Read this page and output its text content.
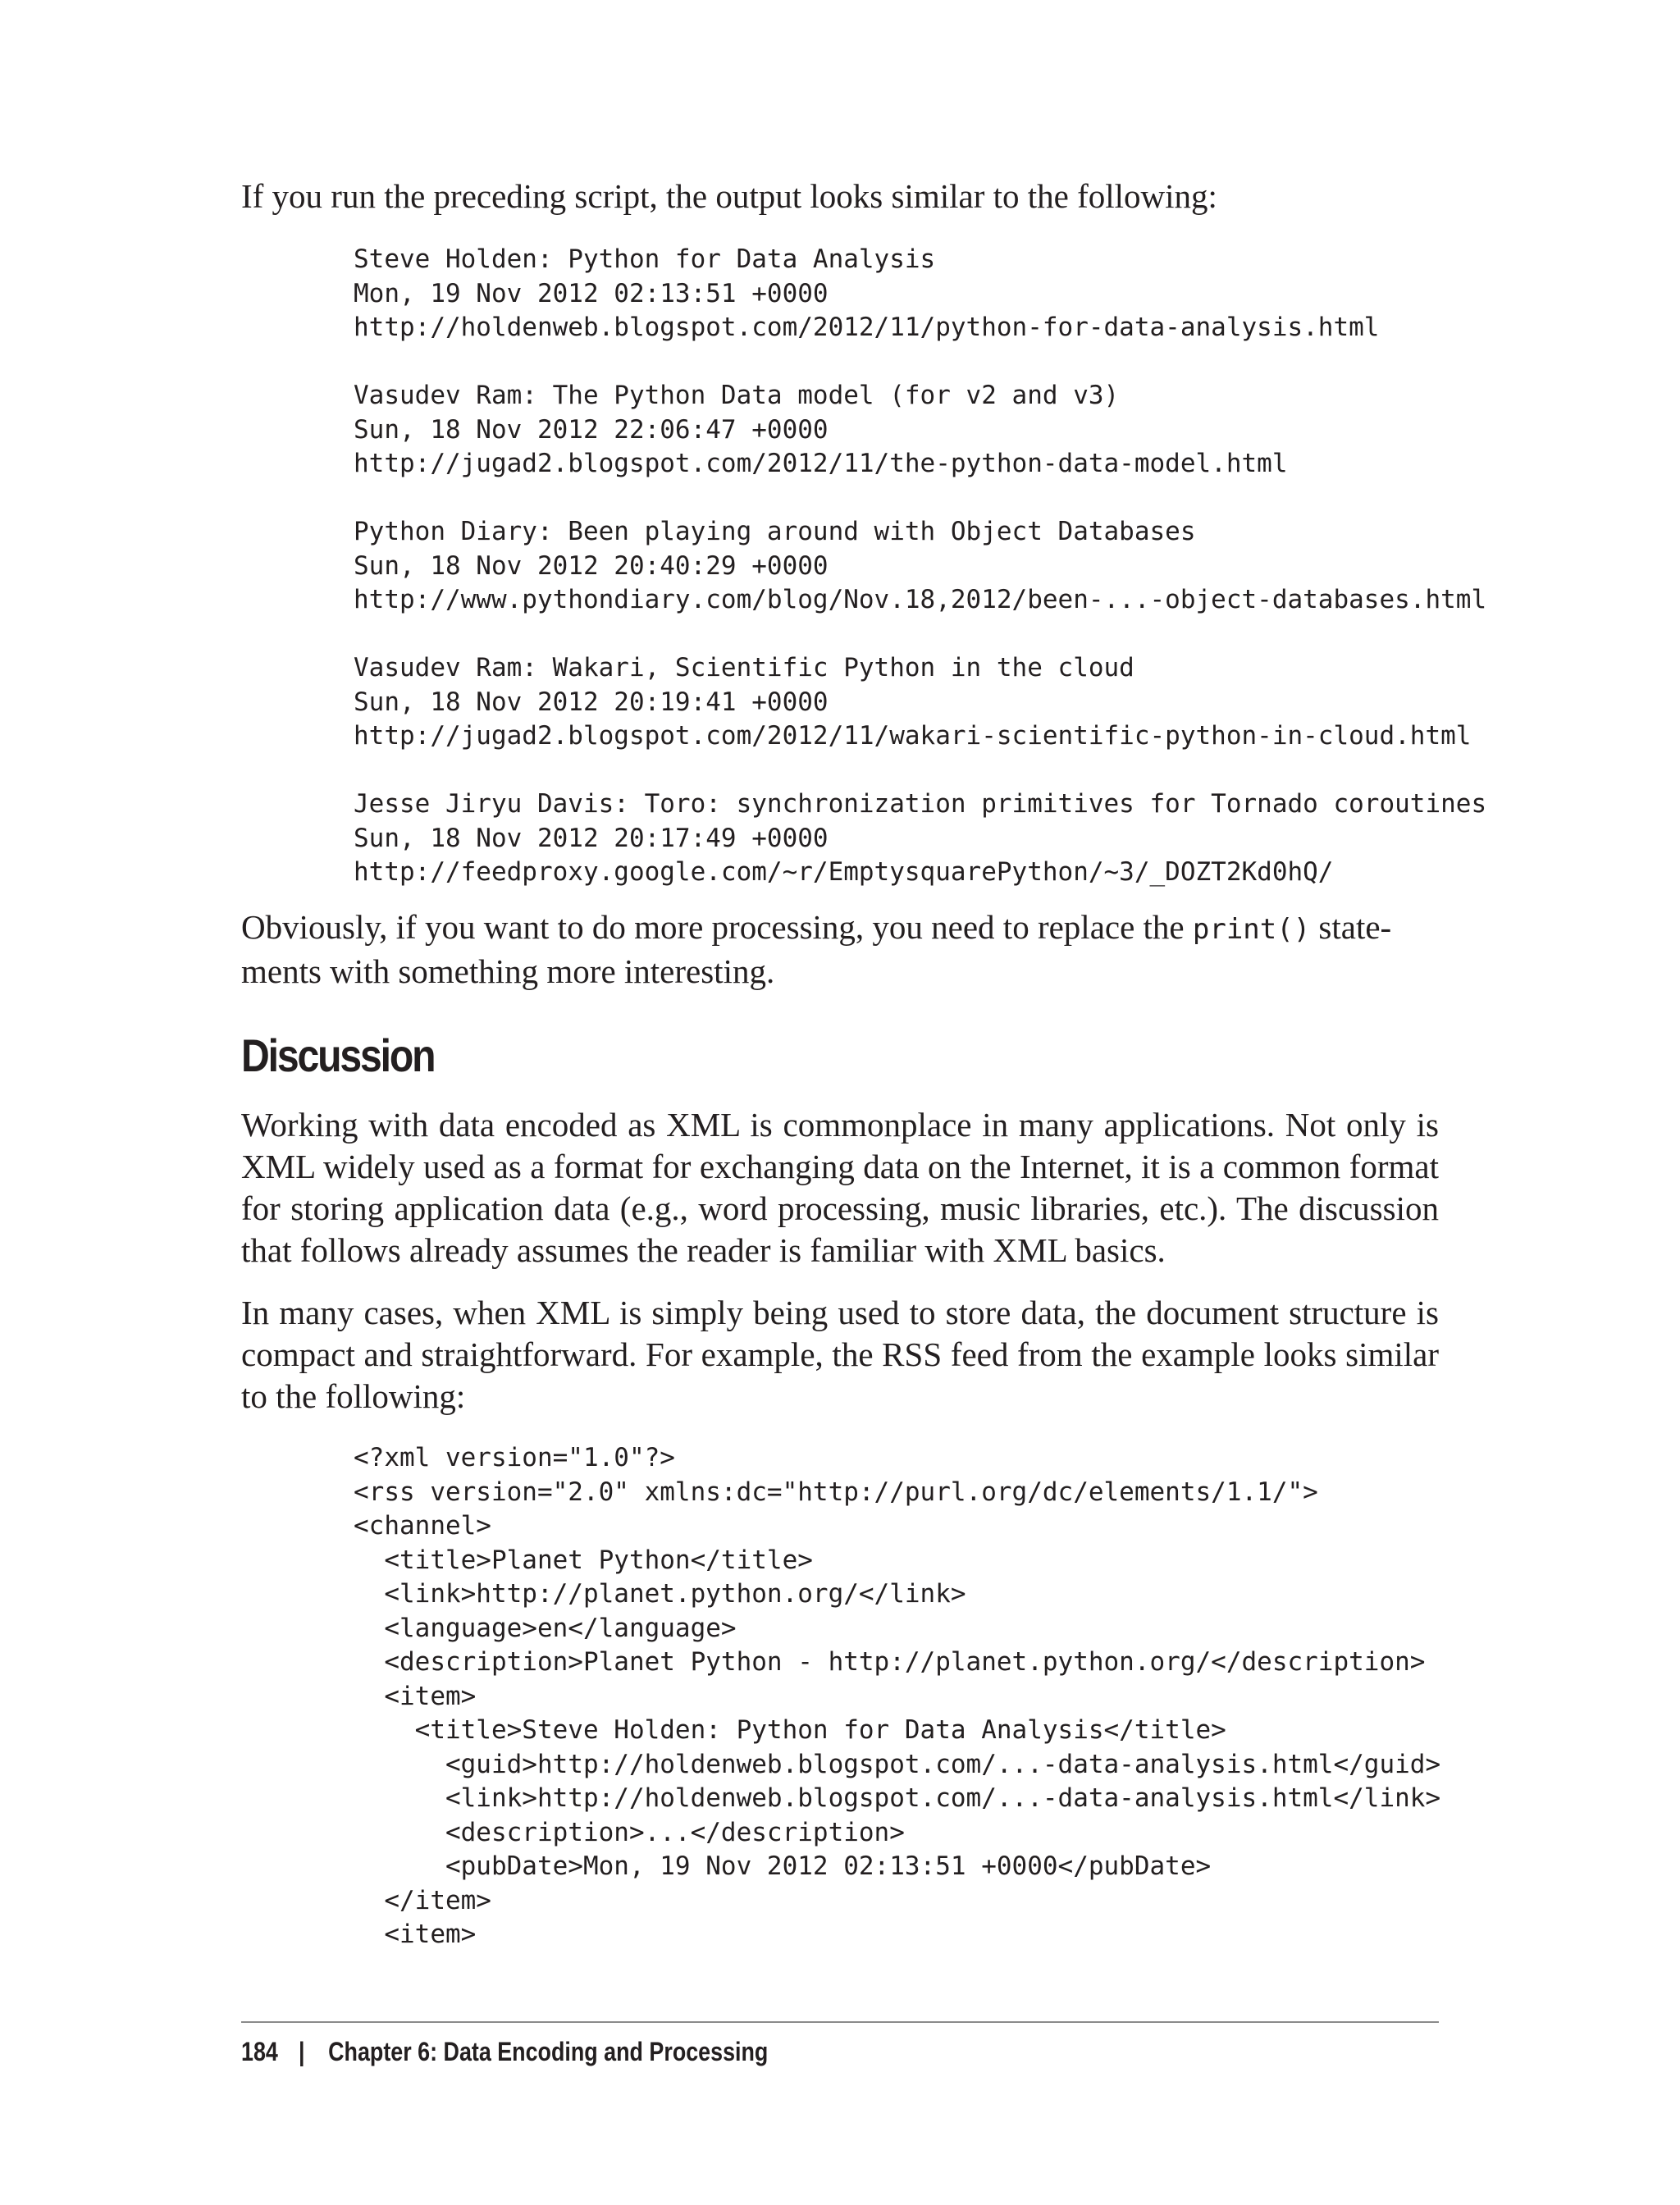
If you run the preceding script, the output looks similar to the following:

Steve Holden: Python for Data Analysis
Mon, 19 Nov 2012 02:13:51 +0000
http://holdenweb.blogspot.com/2012/11/python-for-data-analysis.html

Vasudev Ram: The Python Data model (for v2 and v3)
Sun, 18 Nov 2012 22:06:47 +0000
http://jugad2.blogspot.com/2012/11/the-python-data-model.html

Python Diary: Been playing around with Object Databases
Sun, 18 Nov 2012 20:40:29 +0000
http://www.pythondiary.com/blog/Nov.18,2012/been-...-object-databases.html

Vasudev Ram: Wakari, Scientific Python in the cloud
Sun, 18 Nov 2012 20:19:41 +0000
http://jugad2.blogspot.com/2012/11/wakari-scientific-python-in-cloud.html

Jesse Jiryu Davis: Toro: synchronization primitives for Tornado coroutines
Sun, 18 Nov 2012 20:17:49 +0000
http://feedproxy.google.com/~r/EmptysquarePython/~3/_DOZT2Kd0hQ/

Obviously, if you want to do more processing, you need to replace the print() state-ments with something more interesting.

Discussion

Working with data encoded as XML is commonplace in many applications. Not only is XML widely used as a format for exchanging data on the Internet, it is a common format for storing application data (e.g., word processing, music libraries, etc.). The discussion that follows already assumes the reader is familiar with XML basics.

In many cases, when XML is simply being used to store data, the document structure is compact and straightforward. For example, the RSS feed from the example looks similar to the following:

<?xml version="1.0"?>
<rss version="2.0" xmlns:dc="http://purl.org/dc/elements/1.1/">
<channel>
<title>Planet Python</title>
<link>http://planet.python.org/</link>
<language>en</language>
<description>Planet Python - http://planet.python.org/</description>
<item>
<title>Steve Holden: Python for Data Analysis</title>
<guid>http://holdenweb.blogspot.com/...-data-analysis.html</guid>
<link>http://holdenweb.blogspot.com/...-data-analysis.html</link>
<description>...</description>
<pubDate>Mon, 19 Nov 2012 02:13:51 +0000</pubDate>
</item>
<item>
184 | Chapter 6: Data Encoding and Processing
